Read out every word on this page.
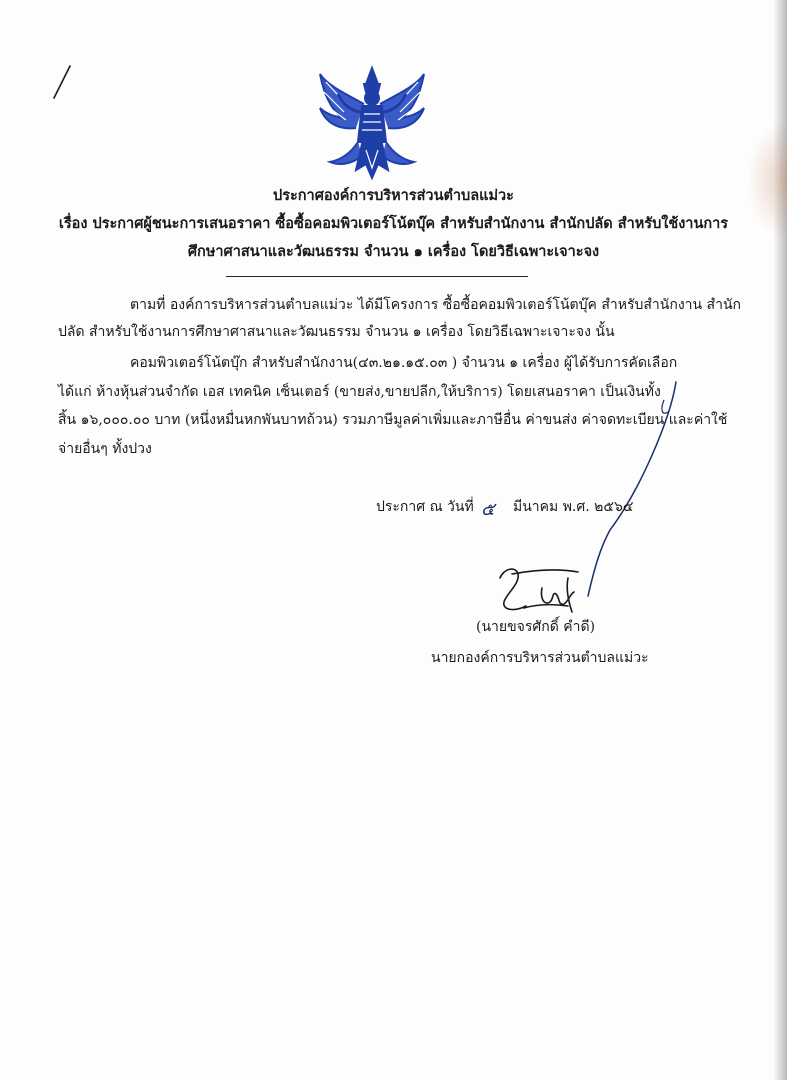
ประกาศองค์การบริหารส่วนตำบลแม่วะ
เรื่อง ประกาศผู้ชนะการเสนอราคา ซื้อซื้อคอมพิวเตอร์โน้ตบุ๊ค สำหรับสำนักงาน สำนักปลัด สำหรับใช้งานการ
ศึกษาศาสนาและวัฒนธรรม จำนวน ๑ เครื่อง โดยวิธีเฉพาะเจาะจง
ตามที่ องค์การบริหารส่วนตำบลแม่วะ ได้มีโครงการ ซื้อซื้อคอมพิวเตอร์โน้ตบุ๊ค สำหรับสำนักงาน สำนัก
ปลัด สำหรับใช้งานการศึกษาศาสนาและวัฒนธรรม จำนวน ๑ เครื่อง โดยวิธีเฉพาะเจาะจง นั้น
คอมพิวเตอร์โน้ตบุ๊ก สำหรับสำนักงาน(๔๓.๒๑.๑๕.๐๓ ) จำนวน ๑ เครื่อง ผู้ได้รับการคัดเลือก
ได้แก่ ห้างหุ้นส่วนจำกัด เอส เทคนิค เซ็นเตอร์ (ขายส่ง,ขายปลีก,ให้บริการ) โดยเสนอราคา เป็นเงินทั้ง
สิ้น ๑๖,๐๐๐.๐๐ บาท (หนึ่งหมื่นหกพันบาทถ้วน) รวมภาษีมูลค่าเพิ่มและภาษีอื่น ค่าขนส่ง ค่าจดทะเบียน และค่าใช้
จ่ายอื่นๆ ทั้งปวง
ประกาศ ณ วันที่ ๕ มีนาคม พ.ศ. ๒๕๖๔
(นายขจรศักดิ์ คำดี)
นายกองค์การบริหารส่วนตำบลแม่วะ
